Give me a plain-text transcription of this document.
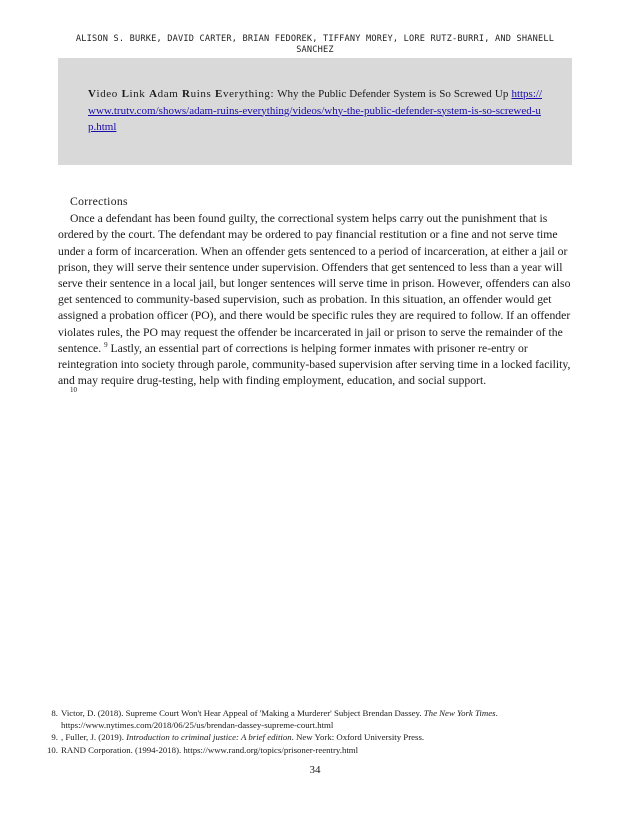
ALISON S. BURKE, DAVID CARTER, BRIAN FEDOREK, TIFFANY MOREY, LORE RUTZ-BURRI, AND SHANELL
SANCHEZ
Video Link Adam Ruins Everything: Why the Public Defender System is So Screwed Up https://www.trutv.com/shows/adam-ruins-everything/videos/why-the-public-defender-system-is-so-screwed-up.html
Corrections

Once a defendant has been found guilty, the correctional system helps carry out the punishment that is ordered by the court. The defendant may be ordered to pay financial restitution or a fine and not serve time under a form of incarceration. When an offender gets sentenced to a period of incarceration, at either a jail or prison, they will serve their sentence under supervision. Offenders that get sentenced to less than a year will serve their sentence in a local jail, but longer sentences will serve time in prison. However, offenders can also get sentenced to community-based supervision, such as probation. In this situation, an offender would get assigned a probation officer (PO), and there would be specific rules they are required to follow. If an offender violates rules, the PO may request the offender be incarcerated in jail or prison to serve the remainder of the sentence. $^9$ Lastly, an essential part of corrections is helping former inmates with prisoner re-entry or reintegration into society through parole, community-based supervision after serving time in a locked facility, and may require drug-testing, help with finding employment, education, and social support.
10

8. Victor, D. (2018). Supreme Court Won't Hear Appeal of 'Making a Murderer' Subject Brendan Dassey. The New York Times. https://www.nytimes.com/2018/06/25/us/brendan-dassey-supreme-court.html
9. , Fuller, J. (2019). Introduction to criminal justice: A brief edition. New York: Oxford University Press.
10. RAND Corporation. (1994-2018). https://www.rand.org/topics/prisoner-reentry.html
34
